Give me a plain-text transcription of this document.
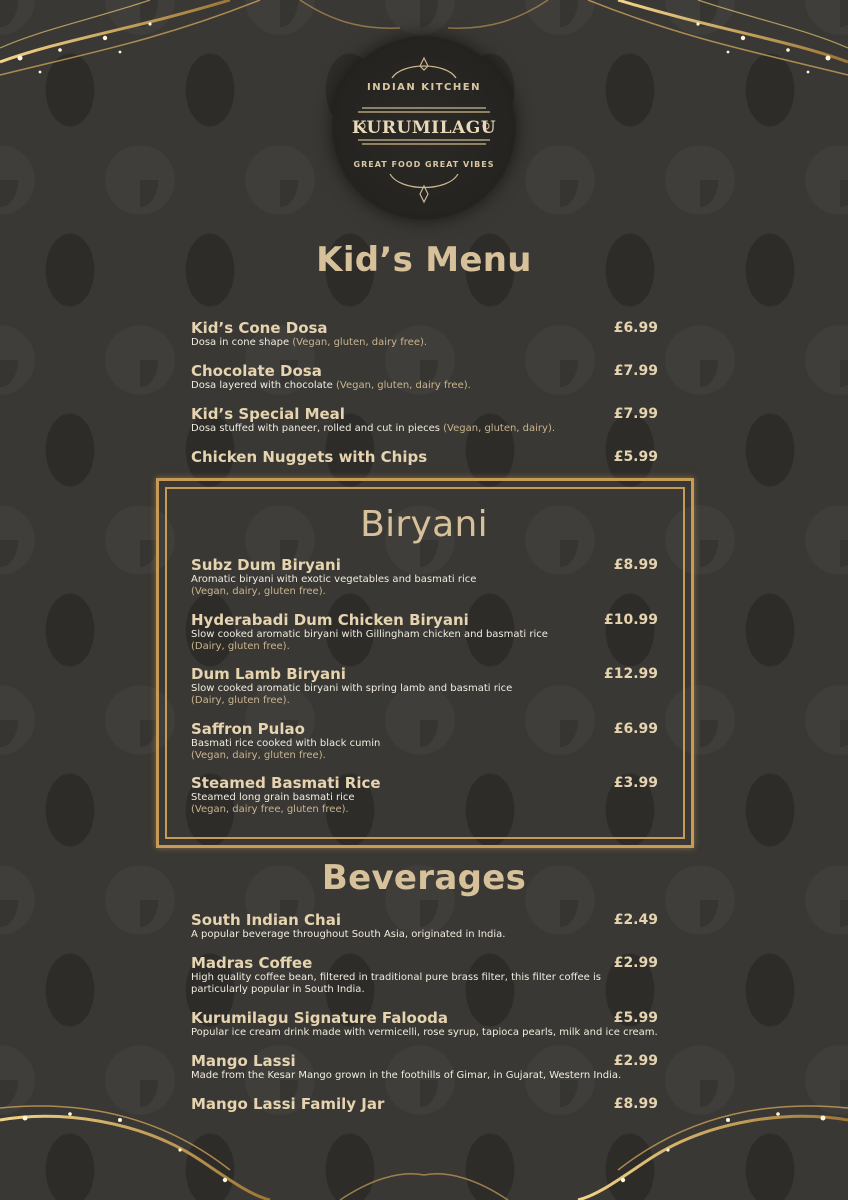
INDIAN KITCHEN
KURUMILAGU
GREAT FOOD GREAT VIBES
Kid’s Menu
Kid’s Cone Dosa	£6.99
Dosa in cone shape (Vegan, gluten, dairy free).
Chocolate Dosa	£7.99
Dosa layered with chocolate (Vegan, gluten, dairy free).
Kid’s Special Meal	£7.99
Dosa stuffed with paneer, rolled and cut in pieces (Vegan, gluten, dairy).
Chicken Nuggets with Chips	£5.99
Biryani
Subz Dum Biryani	£8.99
Aromatic biryani with exotic vegetables and basmati rice
(Vegan, dairy, gluten free).
Hyderabadi Dum Chicken Biryani	£10.99
Slow cooked aromatic biryani with Gillingham chicken and basmati rice
(Dairy, gluten free).
Dum Lamb Biryani	£12.99
Slow cooked aromatic biryani with spring lamb and basmati rice
(Dairy, gluten free).
Saffron Pulao	£6.99
Basmati rice cooked with black cumin
(Vegan, dairy, gluten free).
Steamed Basmati Rice	£3.99
Steamed long grain basmati rice
(Vegan, dairy free, gluten free).
Beverages
South Indian Chai	£2.49
A popular beverage throughout South Asia, originated in India.
Madras Coffee	£2.99
High quality coffee bean, filtered in traditional pure brass filter, this filter coffee is
particularly popular in South India.
Kurumilagu Signature Falooda	£5.99
Popular ice cream drink made with vermicelli, rose syrup, tapioca pearls, milk and ice cream.
Mango Lassi	£2.99
Made from the Kesar Mango grown in the foothills of Gimar, in Gujarat, Western India.
Mango Lassi Family Jar	£8.99
